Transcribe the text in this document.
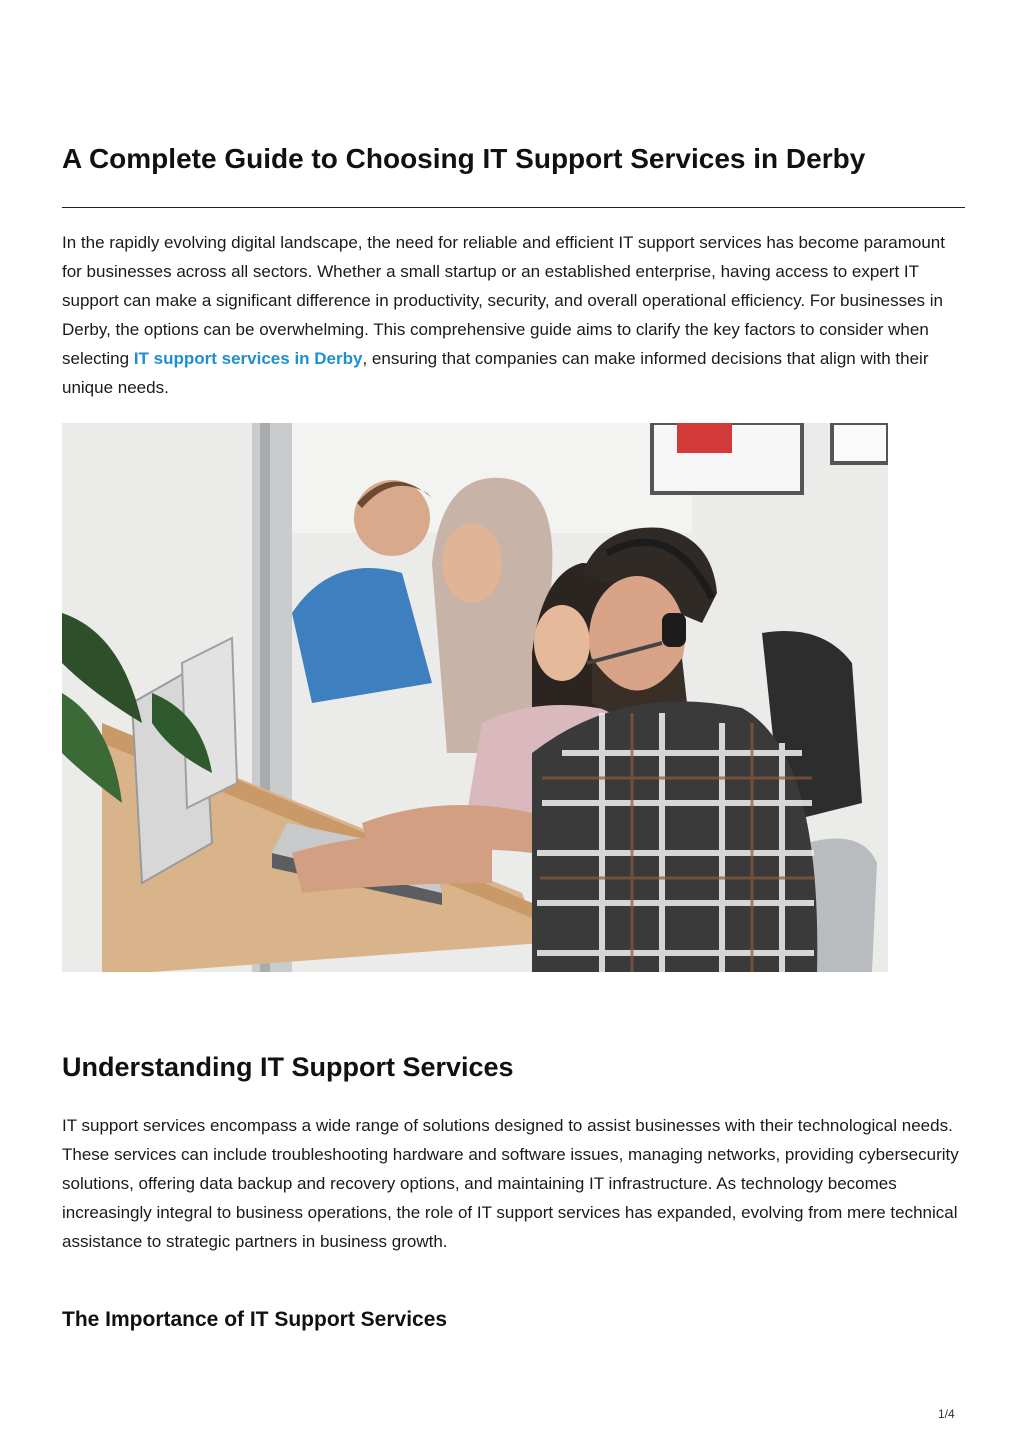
A Complete Guide to Choosing IT Support Services in Derby

In the rapidly evolving digital landscape, the need for reliable and efficient IT support services has become paramount for businesses across all sectors. Whether a small startup or an established enterprise, having access to expert IT support can make a significant difference in productivity, security, and overall operational efficiency. For businesses in Derby, the options can be overwhelming. This comprehensive guide aims to clarify the key factors to consider when selecting IT support services in Derby, ensuring that companies can make informed decisions that align with their unique needs.

Understanding IT Support Services

IT support services encompass a wide range of solutions designed to assist businesses with their technological needs. These services can include troubleshooting hardware and software issues, managing networks, providing cybersecurity solutions, offering data backup and recovery options, and maintaining IT infrastructure. As technology becomes increasingly integral to business operations, the role of IT support services has expanded, evolving from mere technical assistance to strategic partners in business growth.

The Importance of IT Support Services
1/4
